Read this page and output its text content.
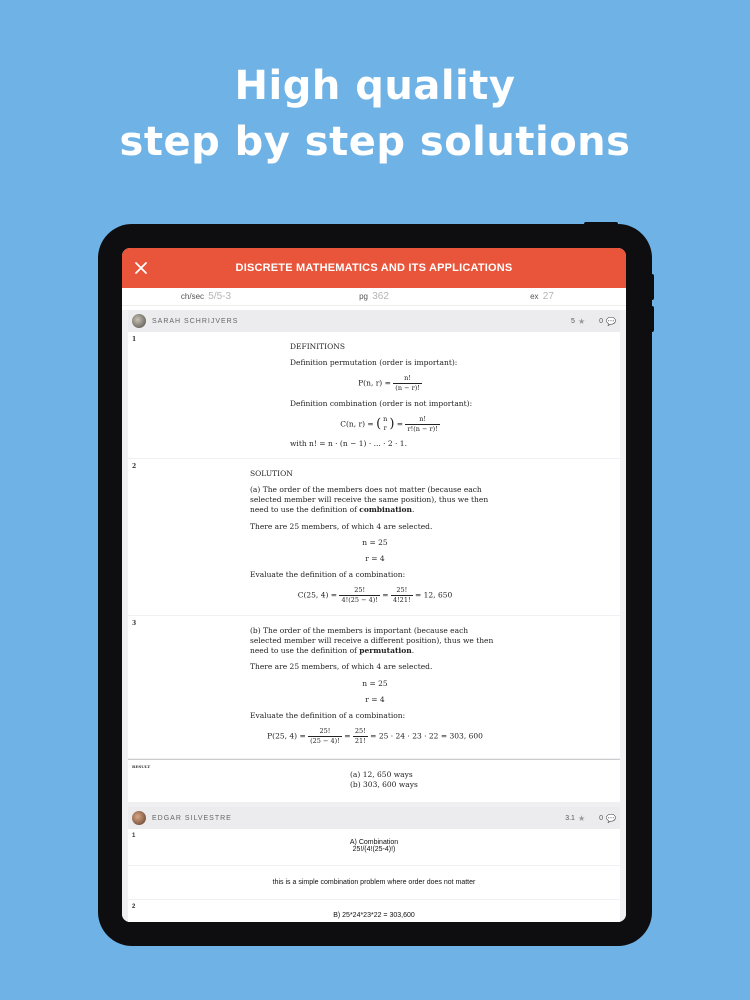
High quality
step by step solutions
DISCRETE MATHEMATICS AND ITS APPLICATIONS
ch/sec 5/5-3	pg 362	ex 27
SARAH SCHRIJVERS	5 ★ 0 💬
1

DEFINITIONS

Definition permutation (order is important):

P(n, $r) = \frac{n!}{(n - r)!}$

Definition combination (order is not important):

C(n, r) = ( n
r ) = $\frac{n!}{r!(n - r)!}$

with n! = n · (n − 1) · ... · 2 · 1.

2

SOLUTION

(a) The order of the members does not matter (because each selected member will receive the same position), thus we then need to use the definition of combination.

There are 25 members, of which 4 are selected.

n = 25
r = 4

Evaluate the definition of a combination:

C(25, $4) = \frac{25!}{4!(25 - 4)!} = \frac{25!}{4!21!} = 12$, 650
3

(b) The order of the members is important (because each selected member will receive a different position), thus we then need to use the definition of permutation.

There are 25 members, of which 4 are selected.

n = 25
r = 4

Evaluate the definition of a combination:

P(25, $4) = \frac{25!}{(25 - 4)!} = \frac{25!}{21!} = 25 \cdot 24 \cdot 23 \cdot 22 = 303$, 600
RESULT
(a) 12, 650 ways
(b) 303, 600 ways
EDGAR SILVESTRE	3.1 ★ 0 💬
1
A) Combination
25!/(4!(25-4)!)
this is a simple combination problem where order does not matter
2
B) 25*24*23*22 = 303,600
